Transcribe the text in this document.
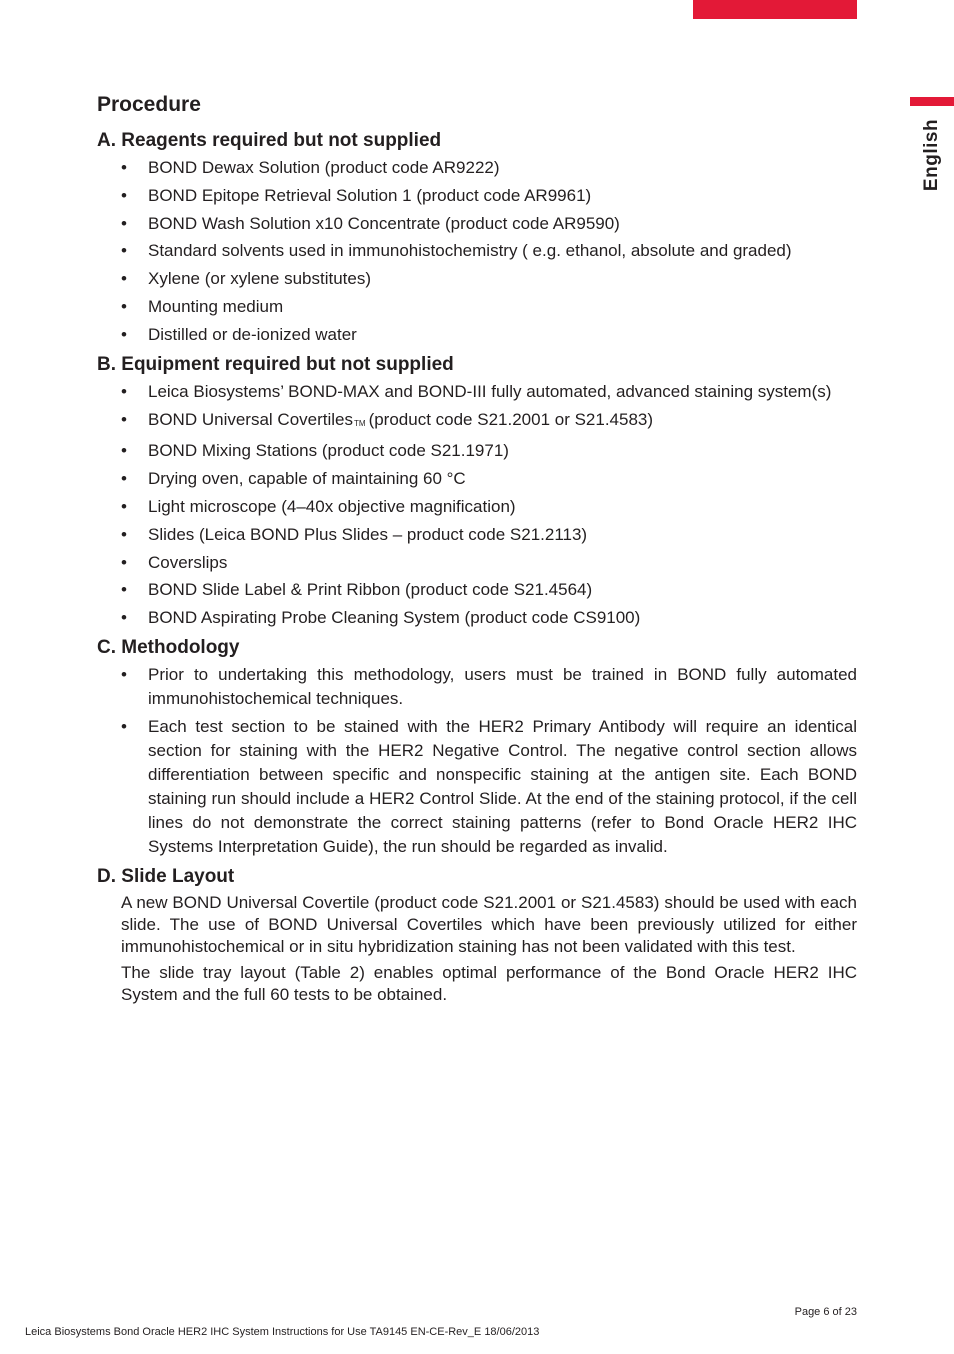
English
Procedure
A. Reagents required but not supplied
• BOND Dewax Solution (product code AR9222)
• BOND Epitope Retrieval Solution 1 (product code AR9961)
• BOND Wash Solution x10 Concentrate (product code AR9590)
• Standard solvents used in immunohistochemistry ( e.g. ethanol, absolute and graded)
• Xylene (or xylene substitutes)
• Mounting medium
• Distilled or de-ionized water
B. Equipment required but not supplied
• Leica Biosystems’ BOND-MAX and BOND-III fully automated, advanced staining system(s)
• BOND Universal CovertilesTM (product code S21.2001 or S21.4583)
• BOND Mixing Stations (product code S21.1971)
• Drying oven, capable of maintaining 60 °C
• Light microscope (4–40x objective magnification)
• Slides (Leica BOND Plus Slides – product code S21.2113)
• Coverslips
• BOND Slide Label & Print Ribbon (product code S21.4564)
• BOND Aspirating Probe Cleaning System (product code CS9100)
C. Methodology
• Prior to undertaking this methodology, users must be trained in BOND fully automated immunohistochemical techniques.
• Each test section to be stained with the HER2 Primary Antibody will require an identical section for staining with the HER2 Negative Control. The negative control section allows differentiation between specific and nonspecific staining at the antigen site. Each BOND staining run should include a HER2 Control Slide. At the end of the staining protocol, if the cell lines do not demonstrate the correct staining patterns (refer to Bond Oracle HER2 IHC Systems Interpretation Guide), the run should be regarded as invalid.
D. Slide Layout

A new BOND Universal Covertile (product code S21.2001 or S21.4583) should be used with each slide. The use of BOND Universal Covertiles which have been previously utilized for either immunohistochemical or in situ hybridization staining has not been validated with this test.

The slide tray layout (Table 2) enables optimal performance of the Bond Oracle HER2 IHC System and the full 60 tests to be obtained.

Page 6 of 23
Leica Biosystems Bond Oracle HER2 IHC System Instructions for Use TA9145 EN-CE-Rev_E 18/06/2013
